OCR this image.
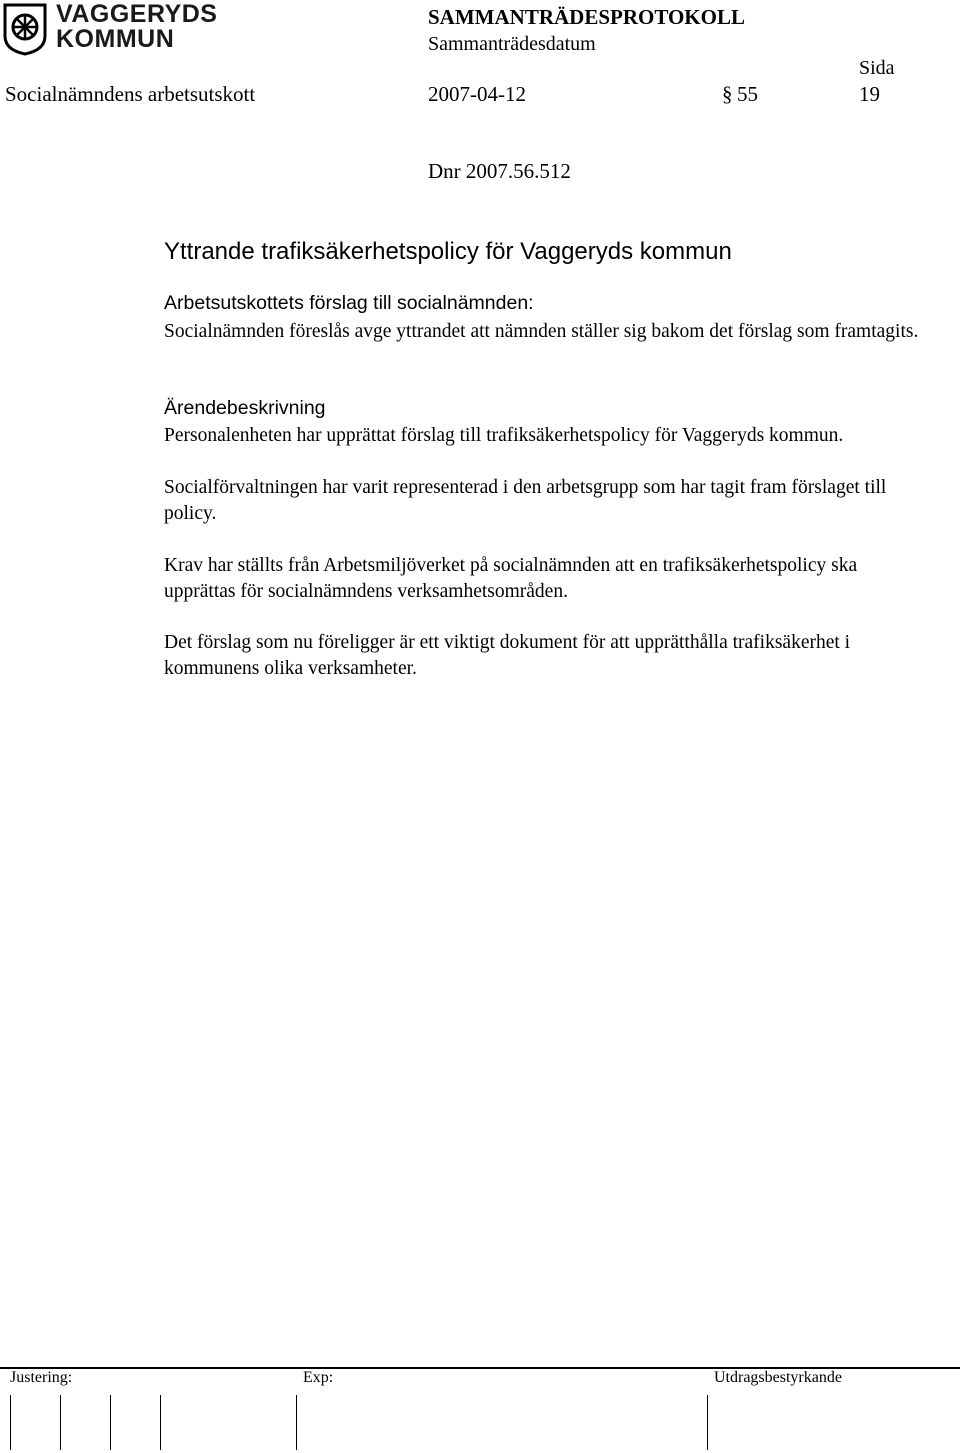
VAGGERYDS
KOMMUN
SAMMANTRÄDESPROTOKOLL
Sammanträdesdatum
Sida
Socialnämndens arbetsutskott	2007-04-12	§ 55	19
Dnr 2007.56.512
Yttrande trafiksäkerhetspolicy för Vaggeryds kommun
Arbetsutskottets förslag till socialnämnden:

Socialnämnden föreslås avge yttrandet att nämnden ställer sig bakom det förslag som framtagits.

Ärendebeskrivning

Personalenheten har upprättat förslag till trafiksäkerhetspolicy för Vaggeryds kommun.

Socialförvaltningen har varit representerad i den arbetsgrupp som har tagit fram förslaget till policy.

Krav har ställts från Arbetsmiljöverket på socialnämnden att en trafiksäkerhetspolicy ska upprättas för socialnämndens verksamhetsområden.

Det förslag som nu föreligger är ett viktigt dokument för att upprätthålla trafiksäkerhet i kommunens olika verksamheter.

Justering:	Exp:	Utdragsbestyrkande
